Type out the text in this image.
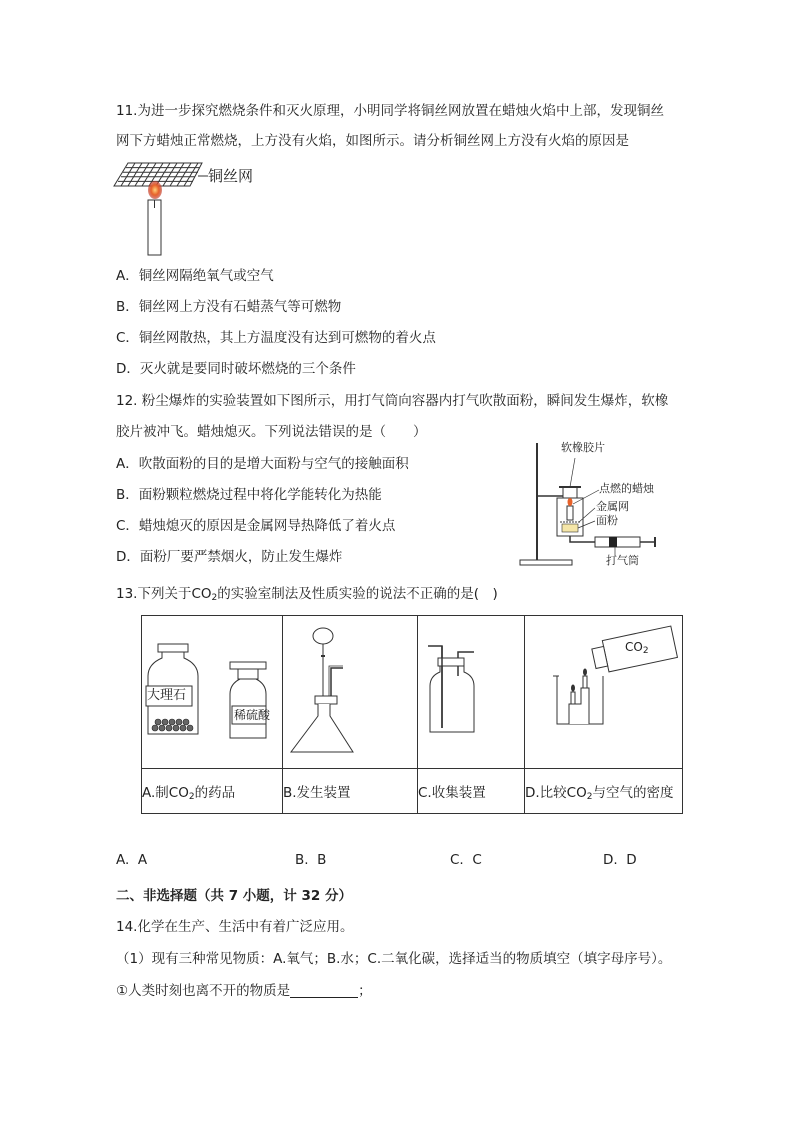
11.为进一步探究燃烧条件和灭火原理，小明同学将铜丝网放置在蜡烛火焰中上部，发现铜丝
网下方蜡烛正常燃烧，上方没有火焰，如图所示。请分析铜丝网上方没有火焰的原因是
铜丝网
A．铜丝网隔绝氧气或空气
B．铜丝网上方没有石蜡蒸气等可燃物
C．铜丝网散热，其上方温度没有达到可燃物的着火点
D．灭火就是要同时破坏燃烧的三个条件
12. 粉尘爆炸的实验装置如下图所示，用打气筒向容器内打气吹散面粉，瞬间发生爆炸，软橡
胶片被冲飞。蜡烛熄灭。下列说法错误的是（　　）
A．吹散面粉的目的是增大面粉与空气的接触面积
B．面粉颗粒燃烧过程中将化学能转化为热能
C．蜡烛熄灭的原因是金属网导热降低了着火点
D．面粉厂要严禁烟火，防止发生爆炸
软橡胶片
点燃的蜡烛
金属网
面粉
打气筒
13.下列关于$CO_2$的实验室制法及性质实验的说法不正确的是(　)
大理石
稀硫酸			$CO_2$

A.制$CO_2$的药品	B.发生装置	C.收集装置	D.比较$CO_2$与空气的密度
A. A	B. B	C. C	D. D
二、非选择题（共 7 小题，计 32 分）
14.化学在生产、生活中有着广泛应用。
（1）现有三种常见物质：A.氧气；B.水；C.二氧化碳，选择适当的物质填空（填字母序号）。
①人类时刻也离不开的物质是	；
